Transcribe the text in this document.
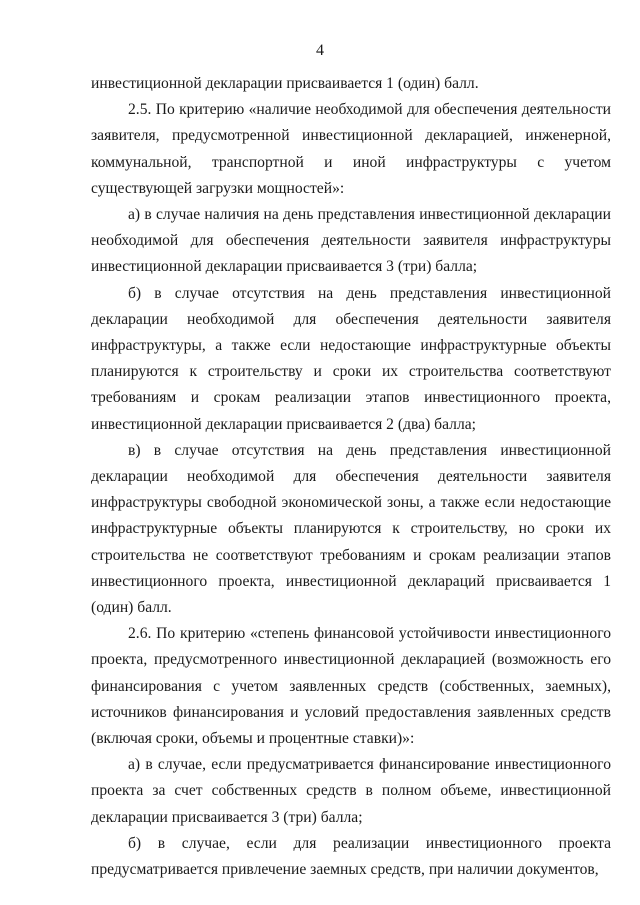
4

инвестиционной декларации присваивается 1 (один) балл.

2.5. По критерию «наличие необходимой для обеспечения деятельности заявителя, предусмотренной инвестиционной декларацией, инженерной, коммунальной, транспортной и иной инфраструктуры с учетом существующей загрузки мощностей»:

а) в случае наличия на день представления инвестиционной декларации необходимой для обеспечения деятельности заявителя инфраструктуры инвестиционной декларации присваивается 3 (три) балла;

б) в случае отсутствия на день представления инвестиционной декларации необходимой для обеспечения деятельности заявителя инфраструктуры, а также если недостающие инфраструктурные объекты планируются к строительству и сроки их строительства соответствуют требованиям и срокам реализации этапов инвестиционного проекта, инвестиционной декларации присваивается 2 (два) балла;

в) в случае отсутствия на день представления инвестиционной декларации необходимой для обеспечения деятельности заявителя инфраструктуры свободной экономической зоны, а также если недостающие инфраструктурные объекты планируются к строительству, но сроки их строительства не соответствуют требованиям и срокам реализации этапов инвестиционного проекта, инвестиционной деклараций присваивается 1 (один) балл.

2.6. По критерию «степень финансовой устойчивости инвестиционного проекта, предусмотренного инвестиционной декларацией (возможность его финансирования с учетом заявленных средств (собственных, заемных), источников финансирования и условий предоставления заявленных средств (включая сроки, объемы и процентные ставки)»:

а) в случае, если предусматривается финансирование инвестиционного проекта за счет собственных средств в полном объеме, инвестиционной декларации присваивается 3 (три) балла;

б) в случае, если для реализации инвестиционного проекта предусматривается привлечение заемных средств, при наличии документов,
